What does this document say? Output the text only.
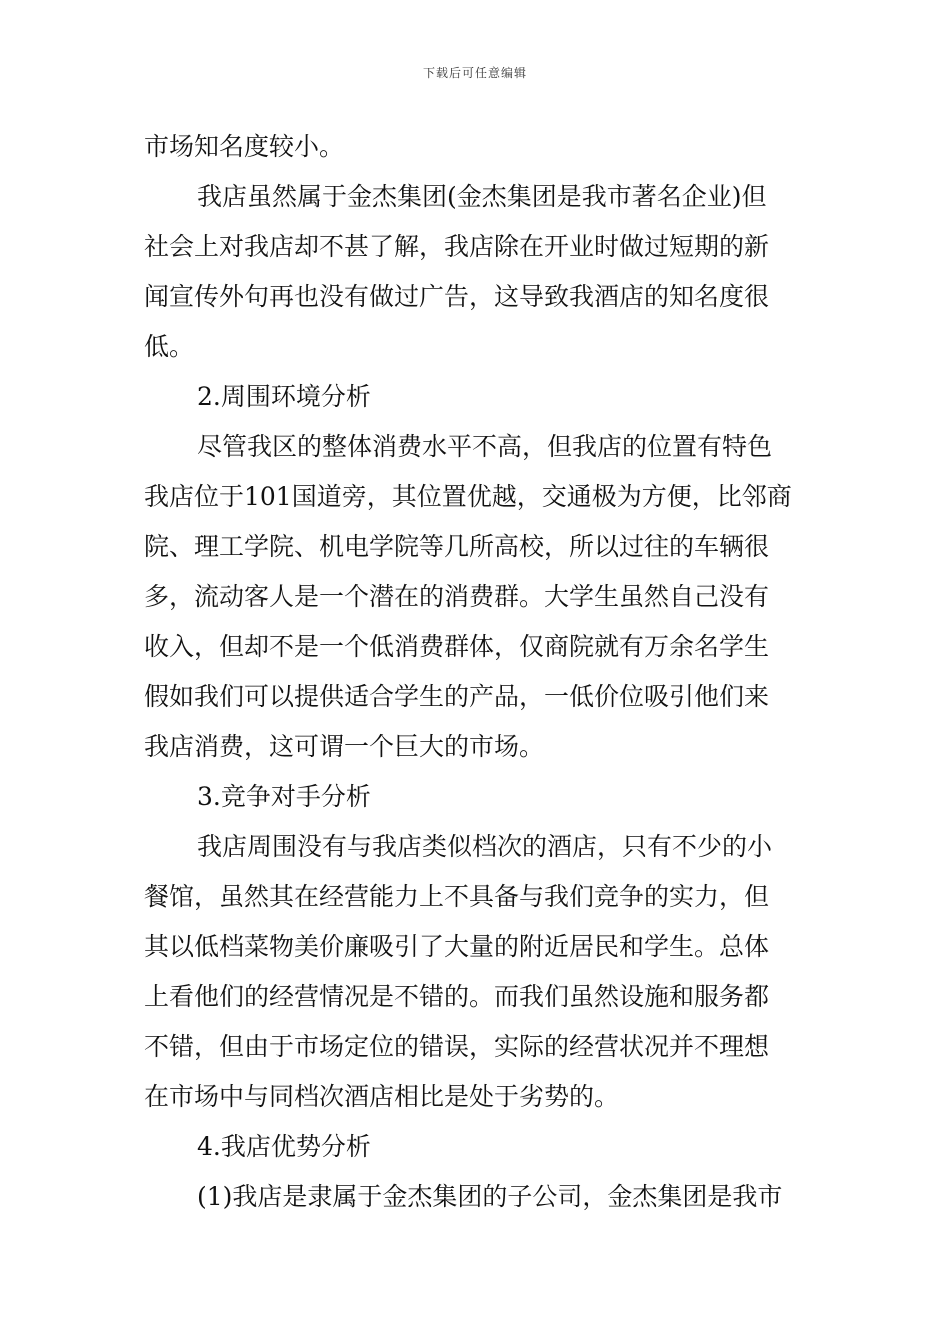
下载后可任意编辑
市场知名度较小。
我店虽然属于金杰集团(金杰集团是我市著名企业)但
社会上对我店却不甚了解，我店除在开业时做过短期的新
闻宣传外句再也没有做过广告，这导致我酒店的知名度很
低。
2.周围环境分析
尽管我区的整体消费水平不高，但我店的位置有特色
我店位于101国道旁，其位置优越，交通极为方便，比邻商
院、理工学院、机电学院等几所高校，所以过往的车辆很
多，流动客人是一个潜在的消费群。大学生虽然自己没有
收入，但却不是一个低消费群体，仅商院就有万余名学生
假如我们可以提供适合学生的产品，一低价位吸引他们来
我店消费，这可谓一个巨大的市场。
3.竞争对手分析
我店周围没有与我店类似档次的酒店，只有不少的小
餐馆，虽然其在经营能力上不具备与我们竞争的实力，但
其以低档菜物美价廉吸引了大量的附近居民和学生。总体
上看他们的经营情况是不错的。而我们虽然设施和服务都
不错，但由于市场定位的错误，实际的经营状况并不理想
在市场中与同档次酒店相比是处于劣势的。
4.我店优势分析
(1)我店是隶属于金杰集团的子公司，金杰集团是我市
